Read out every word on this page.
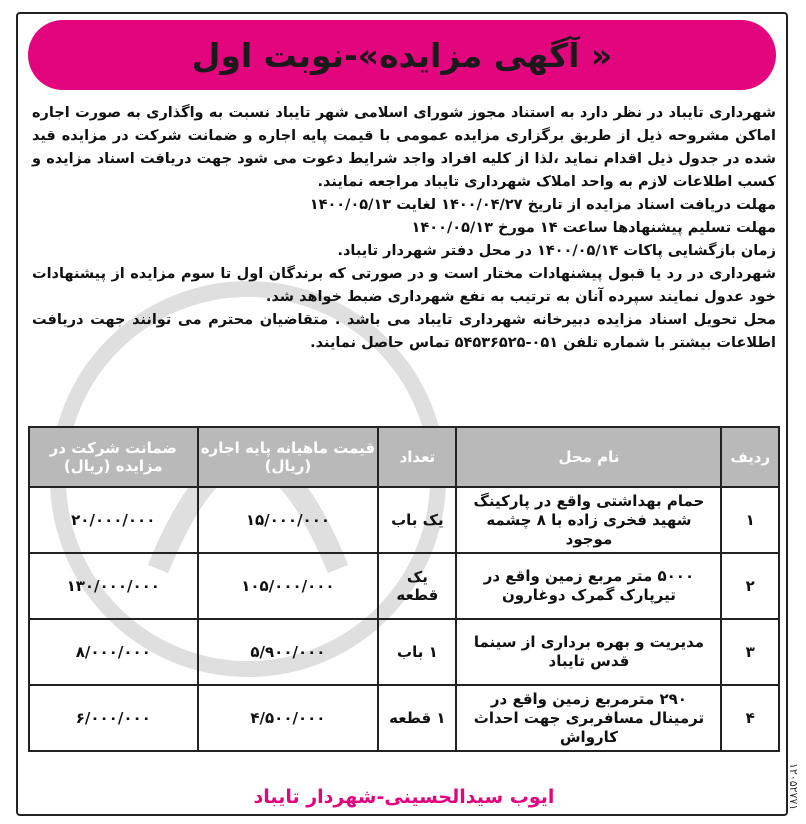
« آگهی مزایده»-نوبت اول

شهرداری تایباد در نظر دارد به استناد مجوز شورای اسلامی شهر تایباد نسبت به واگذاری به صورت اجاره اماکن مشروحه ذیل از طریق برگزاری مزایده عمومی با قیمت پایه اجاره و ضمانت شرکت در مزایده قید شده در جدول ذیل اقدام نماید ،لذا از کلیه افراد واجد شرایط دعوت می شود جهت دریافت اسناد مزایده و کسب اطلاعات لازم به واحد املاک شهرداری تایباد مراجعه نمایند.

مهلت دریافت اسناد مزایده از تاریخ ۱۴۰۰/۰۴/۲۷ لغایت ۱۴۰۰/۰۵/۱۳

مهلت تسلیم پیشنهادها ساعت ۱۴ مورخ ۱۴۰۰/۰۵/۱۳

زمان بازگشایی پاکات ۱۴۰۰/۰۵/۱۴ در محل دفتر شهردار تایباد.

شهرداری در رد یا قبول پیشنهادات مختار است و در صورتی که برندگان اول تا سوم مزایده از پیشنهادات خود عدول نمایند سپرده آنان به ترتیب به نفع شهرداری ضبط خواهد شد.

محل تحویل اسناد مزایده دبیرخانه شهرداری تایباد می باشد . متقاضیان محترم می توانند جهت دریافت اطلاعات بیشتر با شماره تلفن ۰۵۱-۵۴۵۳۶۵۲۵ تماس حاصل نمایند.

ردیف	نام محل	تعداد	قیمت ماهیانه پایه اجاره (ریال)	ضمانت شرکت در مزایده (ریال)
۱	حمام بهداشتی واقع در پارکینگ شهید فخری زاده با ۸ چشمه موجود	یک باب	۱۵/۰۰۰/۰۰۰	۲۰/۰۰۰/۰۰۰
۲	۵۰۰۰ متر مربع زمین واقع در تیرپارک گمرک دوغارون	یک قطعه	۱۰۵/۰۰۰/۰۰۰	۱۳۰/۰۰۰/۰۰۰
۳	مدیریت و بهره برداری از سینما قدس تایباد	۱ باب	۵/۹۰۰/۰۰۰	۸/۰۰۰/۰۰۰
۴	۲۹۰ مترمربع زمین واقع در ترمینال مسافربری جهت احداث کارواش	۱ قطعه	۴/۵۰۰/۰۰۰	۶/۰۰۰/۰۰۰
ایوب سیدالحسینی-شهردار تایباد	۱۲۰۵۲۷۷۱
